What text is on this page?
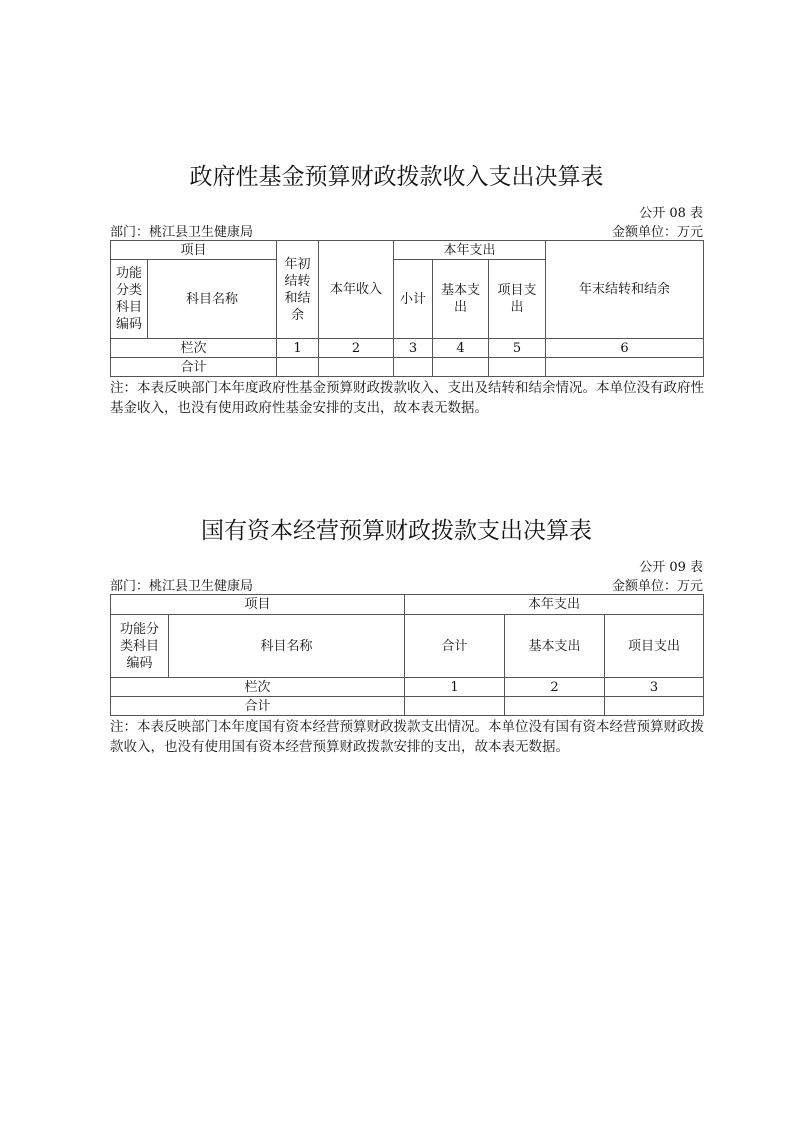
政府性基金预算财政拨款收入支出决算表
公开 08 表
部门：桃江县卫生健康局	金额单位：万元
项目		年初结转和结余	本年收入	本年支出			年末结转和结余
功能分类科目编码	科目名称			小计	基本支出	项目支出	
栏次		1	2	3	4	5	6
合计							
注：本表反映部门本年度政府性基金预算财政拨款收入、支出及结转和结余情况。本单位没有政府性基金收入，也没有使用政府性基金安排的支出，故本表无数据。
国有资本经营预算财政拨款支出决算表
公开 09 表
部门：桃江县卫生健康局	金额单位：万元
项目		本年支出		
功能分类科目编码	科目名称	合计	基本支出	项目支出
栏次		1	2	3
合计				
注：本表反映部门本年度国有资本经营预算财政拨款支出情况。本单位没有国有资本经营预算财政拨款收入，也没有使用国有资本经营预算财政拨款安排的支出，故本表无数据。
